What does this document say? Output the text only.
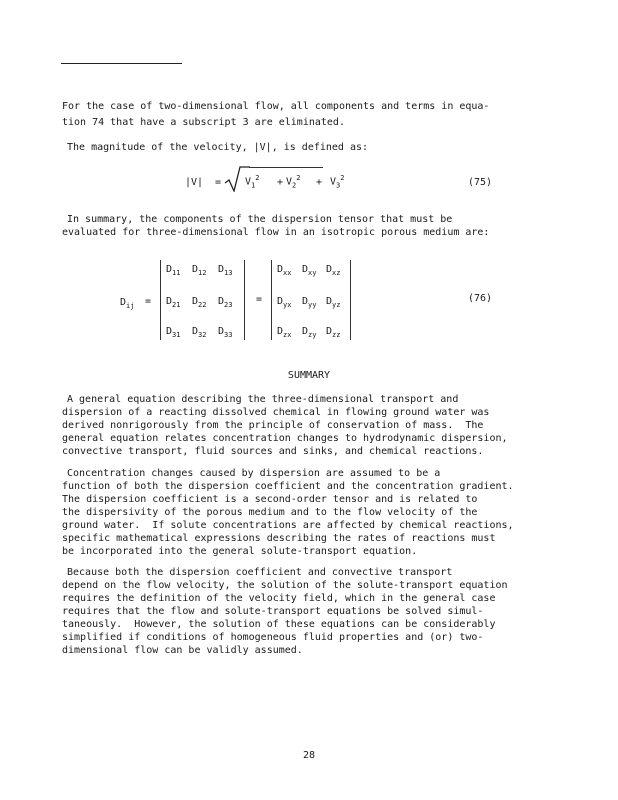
For the case of two-dimensional flow, all components and terms in equa-
tion 74 that have a subscript 3 are eliminated.
The magnitude of the velocity, |V|, is defined as:
$|V| = V_1^2 + V_2^2 + V_3^2$	(75)
In summary, the components of the dispersion tensor that must be
evaluated for three-dimensional flow in an isotropic porous medium are:
$D_{ij}$ =
$D_{11}$ $D_{12}$ $D_{13}$
$D_{21}$ $D_{22}$ $D_{23}$
$D_{31}$ $D_{32}$ $D_{33}$
=
$D_{xx}$ $D_{xy}$ $D_{xz}$
$D_{yx}$ $D_{yy}$ $D_{yz}$
$D_{zx}$ $D_{zy}$ $D_{zz}$
(76)
SUMMARY
A general equation describing the three-dimensional transport and
dispersion of a reacting dissolved chemical in flowing ground water was
derived nonrigorously from the principle of conservation of mass.  The
general equation relates concentration changes to hydrodynamic dispersion,
convective transport, fluid sources and sinks, and chemical reactions.
Concentration changes caused by dispersion are assumed to be a
function of both the dispersion coefficient and the concentration gradient.
The dispersion coefficient is a second-order tensor and is related to
the dispersivity of the porous medium and to the flow velocity of the
ground water.  If solute concentrations are affected by chemical reactions,
specific mathematical expressions describing the rates of reactions must
be incorporated into the general solute-transport equation.
Because both the dispersion coefficient and convective transport
depend on the flow velocity, the solution of the solute-transport equation
requires the definition of the velocity field, which in the general case
requires that the flow and solute-transport equations be solved simul-
taneously.  However, the solution of these equations can be considerably
simplified if conditions of homogeneous fluid properties and (or) two-
dimensional flow can be validly assumed.
28
